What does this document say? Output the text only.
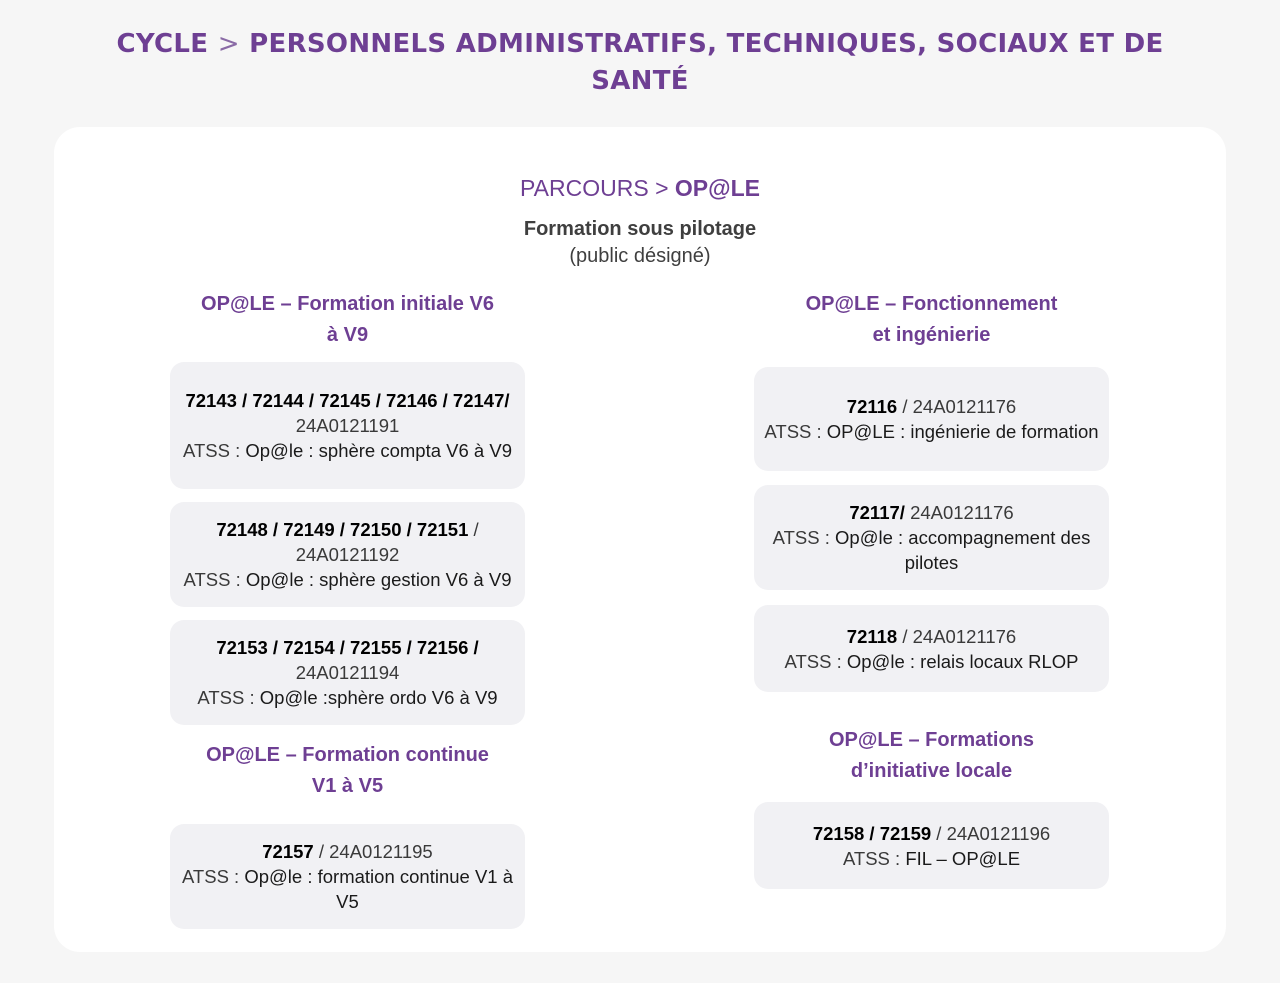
CYCLE > PERSONNELS ADMINISTRATIFS, TECHNIQUES, SOCIAUX ET DE
SANTÉ
PARCOURS > OP@LE
Formation sous pilotage
(public désigné)
OP@LE – Formation initiale V6
à V9
72143 / 72144 / 72145 / 72146 / 72147/ 24A0121191
ATSS : Op@le : sphère compta V6 à V9
72148 / 72149 / 72150 / 72151 / 24A0121192
ATSS : Op@le : sphère gestion V6 à V9
72153 / 72154 / 72155 / 72156 / 24A0121194
ATSS : Op@le :sphère ordo V6 à V9
OP@LE – Formation continue
V1 à V5
72157 / 24A0121195
ATSS : Op@le : formation continue V1 à V5
OP@LE – Fonctionnement
et ingénierie
72116 / 24A0121176
ATSS : OP@LE : ingénierie de formation
72117/ 24A0121176
ATSS : Op@le : accompagnement des pilotes
72118 / 24A0121176
ATSS : Op@le : relais locaux RLOP
OP@LE – Formations
d’initiative locale
72158 / 72159 / 24A0121196
ATSS : FIL – OP@LE
